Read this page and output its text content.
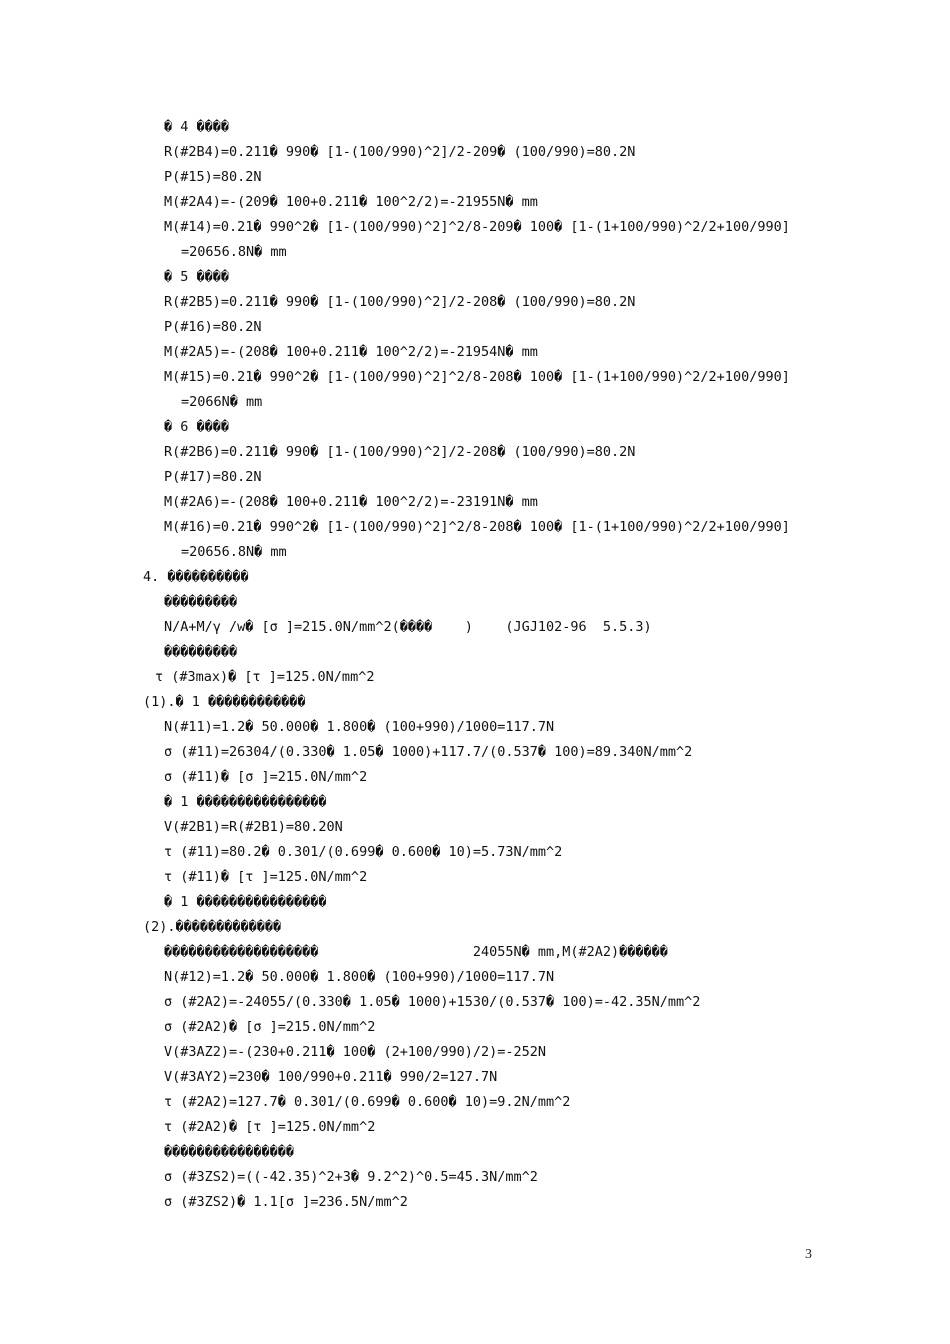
� 4 ����
R(#2B4)=0.211� 990� [1-(100/990)^2]/2-209� (100/990)=80.2N
P(#15)=80.2N
M(#2A4)=-(209� 100+0.211� 100^2/2)=-21955N� mm
M(#14)=0.21� 990^2� [1-(100/990)^2]^2/8-209� 100� [1-(1+100/990)^2/2+100/990]
=20656.8N� mm
� 5 ����
R(#2B5)=0.211� 990� [1-(100/990)^2]/2-208� (100/990)=80.2N
P(#16)=80.2N
M(#2A5)=-(208� 100+0.211� 100^2/2)=-21954N� mm
M(#15)=0.21� 990^2� [1-(100/990)^2]^2/8-208� 100� [1-(1+100/990)^2/2+100/990]
=2066N� mm
� 6 ����
R(#2B6)=0.211� 990� [1-(100/990)^2]/2-208� (100/990)=80.2N
P(#17)=80.2N
M(#2A6)=-(208� 100+0.211� 100^2/2)=-23191N� mm
M(#16)=0.21� 990^2� [1-(100/990)^2]^2/8-208� 100� [1-(1+100/990)^2/2+100/990]
=20656.8N� mm
4. ����������
���������
N/A+M/γ /w� [σ ]=215.0N/mm^2(����    )    (JGJ102-96  5.5.3)
���������
τ (#3max)� [τ ]=125.0N/mm^2
(1).� 1 ������������
N(#11)=1.2� 50.000� 1.800� (100+990)/1000=117.7N
σ (#11)=26304/(0.330� 1.05� 1000)+117.7/(0.537� 100)=89.340N/mm^2
σ (#11)� [σ ]=215.0N/mm^2
� 1 ����������������
V(#2B1)=R(#2B1)=80.20N
τ (#11)=80.2� 0.301/(0.699� 0.600� 10)=5.73N/mm^2
τ (#11)� [τ ]=125.0N/mm^2
� 1 ����������������
(2).�������������
�������������������                   24055N� mm,M(#2A2)������
N(#12)=1.2� 50.000� 1.800� (100+990)/1000=117.7N
σ (#2A2)=-24055/(0.330� 1.05� 1000)+1530/(0.537� 100)=-42.35N/mm^2
σ (#2A2)� [σ ]=215.0N/mm^2
V(#3AZ2)=-(230+0.211� 100� (2+100/990)/2)=-252N
V(#3AY2)=230� 100/990+0.211� 990/2=127.7N
τ (#2A2)=127.7� 0.301/(0.699� 0.600� 10)=9.2N/mm^2
τ (#2A2)� [τ ]=125.0N/mm^2
����������������
σ (#3ZS2)=((-42.35)^2+3� 9.2^2)^0.5=45.3N/mm^2
σ (#3ZS2)� 1.1[σ ]=236.5N/mm^2
3
